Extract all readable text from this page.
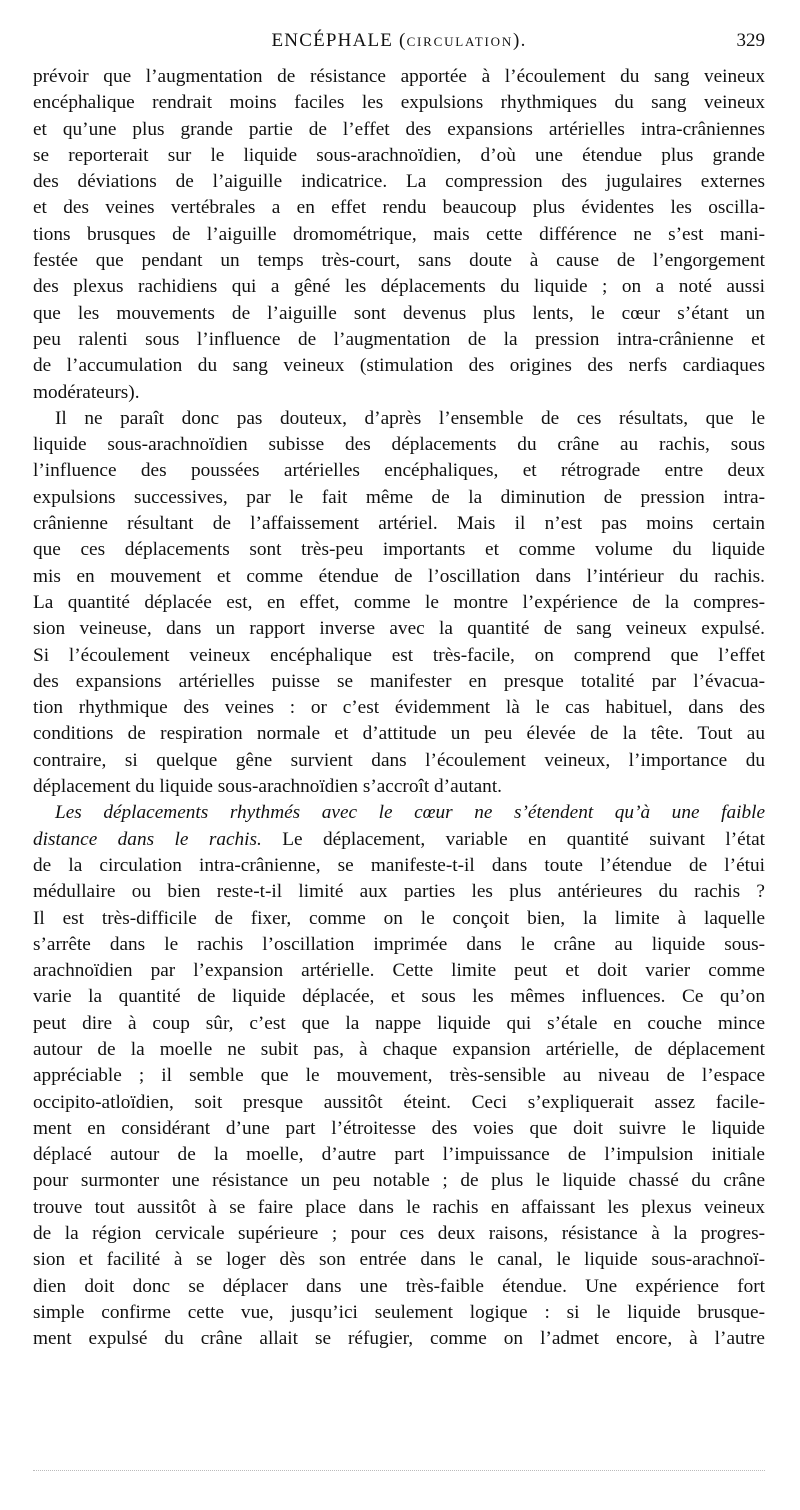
ENCÉPHALE (CIRCULATION).	329
prévoir que l’augmentation de résistance apportée à l’écoulement du sang veineux
encéphalique rendrait moins faciles les expulsions rhythmiques du sang veineux
et qu’une plus grande partie de l’effet des expansions artérielles intra-crâniennes
se reporterait sur le liquide sous-arachnoïdien, d’où une étendue plus grande
des déviations de l’aiguille indicatrice. La compression des jugulaires externes
et des veines vertébrales a en effet rendu beaucoup plus évidentes les oscilla-
tions brusques de l’aiguille dromométrique, mais cette différence ne s’est mani-
festée que pendant un temps très-court, sans doute à cause de l’engorgement
des plexus rachidiens qui a gêné les déplacements du liquide ; on a noté aussi
que les mouvements de l’aiguille sont devenus plus lents, le cœur s’étant un
peu ralenti sous l’influence de l’augmentation de la pression intra-crânienne et
de l’accumulation du sang veineux (stimulation des origines des nerfs cardiaques
modérateurs).
Il ne paraît donc pas douteux, d’après l’ensemble de ces résultats, que le
liquide sous-arachnoïdien subisse des déplacements du crâne au rachis, sous
l’influence des poussées artérielles encéphaliques, et rétrograde entre deux
expulsions successives, par le fait même de la diminution de pression intra-
crânienne résultant de l’affaissement artériel. Mais il n’est pas moins certain
que ces déplacements sont très-peu importants et comme volume du liquide
mis en mouvement et comme étendue de l’oscillation dans l’intérieur du rachis.
La quantité déplacée est, en effet, comme le montre l’expérience de la compres-
sion veineuse, dans un rapport inverse avec la quantité de sang veineux expulsé.
Si l’écoulement veineux encéphalique est très-facile, on comprend que l’effet
des expansions artérielles puisse se manifester en presque totalité par l’évacua-
tion rhythmique des veines : or c’est évidemment là le cas habituel, dans des
conditions de respiration normale et d’attitude un peu élevée de la tête. Tout au
contraire, si quelque gêne survient dans l’écoulement veineux, l’importance du
déplacement du liquide sous-arachnoïdien s’accroît d’autant.
Les déplacements rhythmés avec le cœur ne s’étendent qu’à une faible
distance dans le rachis. Le déplacement, variable en quantité suivant l’état
de la circulation intra-crânienne, se manifeste-t-il dans toute l’étendue de l’étui
médullaire ou bien reste-t-il limité aux parties les plus antérieures du rachis ?
Il est très-difficile de fixer, comme on le conçoit bien, la limite à laquelle
s’arrête dans le rachis l’oscillation imprimée dans le crâne au liquide sous-
arachnoïdien par l’expansion artérielle. Cette limite peut et doit varier comme
varie la quantité de liquide déplacée, et sous les mêmes influences. Ce qu’on
peut dire à coup sûr, c’est que la nappe liquide qui s’étale en couche mince
autour de la moelle ne subit pas, à chaque expansion artérielle, de déplacement
appréciable ; il semble que le mouvement, très-sensible au niveau de l’espace
occipito-atloïdien, soit presque aussitôt éteint. Ceci s’expliquerait assez facile-
ment en considérant d’une part l’étroitesse des voies que doit suivre le liquide
déplacé autour de la moelle, d’autre part l’impuissance de l’impulsion initiale
pour surmonter une résistance un peu notable ; de plus le liquide chassé du crâne
trouve tout aussitôt à se faire place dans le rachis en affaissant les plexus veineux
de la région cervicale supérieure ; pour ces deux raisons, résistance à la progres-
sion et facilité à se loger dès son entrée dans le canal, le liquide sous-arachnoï-
dien doit donc se déplacer dans une très-faible étendue. Une expérience fort
simple confirme cette vue, jusqu’ici seulement logique : si le liquide brusque-
ment expulsé du crâne allait se réfugier, comme on l’admet encore, à l’autre
